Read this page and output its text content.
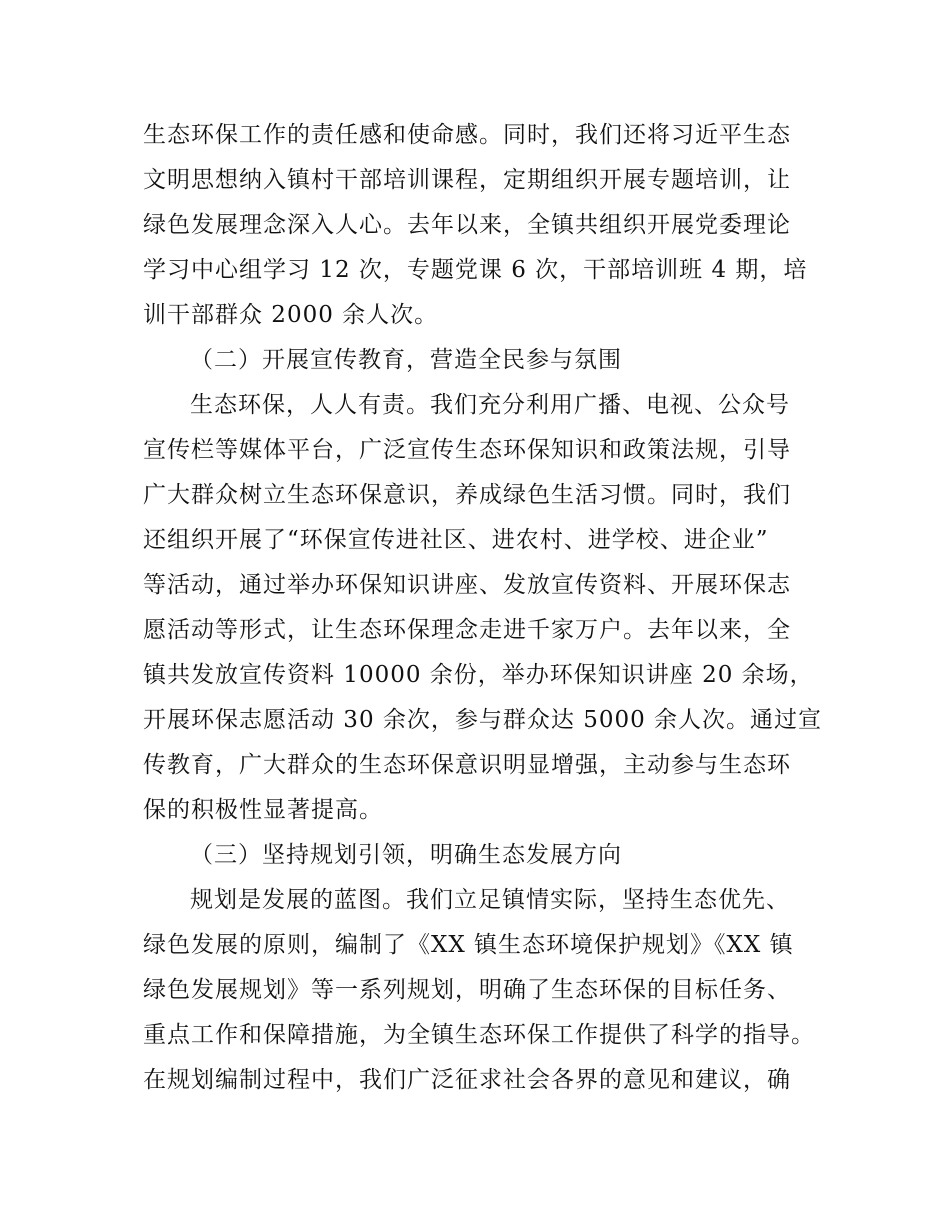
生态环保工作的责任感和使命感。同时，我们还将习近平生态
文明思想纳入镇村干部培训课程，定期组织开展专题培训，让
绿色发展理念深入人心。去年以来，全镇共组织开展党委理论
学习中心组学习 12 次，专题党课 6 次，干部培训班 4 期，培
训干部群众 2000 余人次。
（二）开展宣传教育，营造全民参与氛围
生态环保，人人有责。我们充分利用广播、电视、公众号
宣传栏等媒体平台，广泛宣传生态环保知识和政策法规，引导
广大群众树立生态环保意识，养成绿色生活习惯。同时，我们
还组织开展了“环保宣传进社区、进农村、进学校、进企业”
等活动，通过举办环保知识讲座、发放宣传资料、开展环保志
愿活动等形式，让生态环保理念走进千家万户。去年以来，全
镇共发放宣传资料 10000 余份，举办环保知识讲座 20 余场，
开展环保志愿活动 30 余次，参与群众达 5000 余人次。通过宣
传教育，广大群众的生态环保意识明显增强，主动参与生态环
保的积极性显著提高。
（三）坚持规划引领，明确生态发展方向
规划是发展的蓝图。我们立足镇情实际，坚持生态优先、
绿色发展的原则，编制了《XX 镇生态环境保护规划》《XX 镇
绿色发展规划》等一系列规划，明确了生态环保的目标任务、
重点工作和保障措施，为全镇生态环保工作提供了科学的指导。
在规划编制过程中，我们广泛征求社会各界的意见和建议，确
